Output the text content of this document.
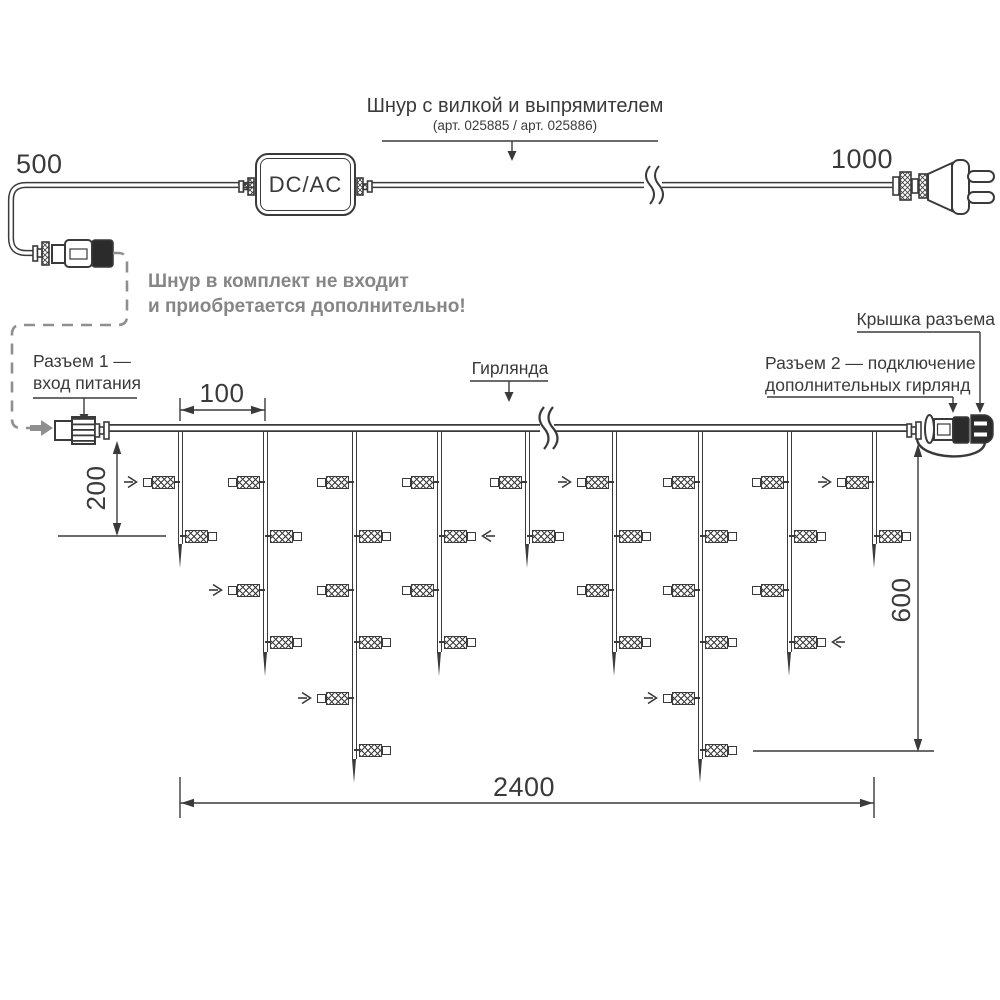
DC/AC
Шнур с вилкой и выпрямителем
(арт. 025885 / арт. 025886)
500	1000
Шнур в комплект не входит
и приобретается дополнительно!
Разъем 1 —
вход питания 100
Гирлянда
Крышка разъема
Разъем 2 — подключение
дополнительных гирлянд
200
600
2400
